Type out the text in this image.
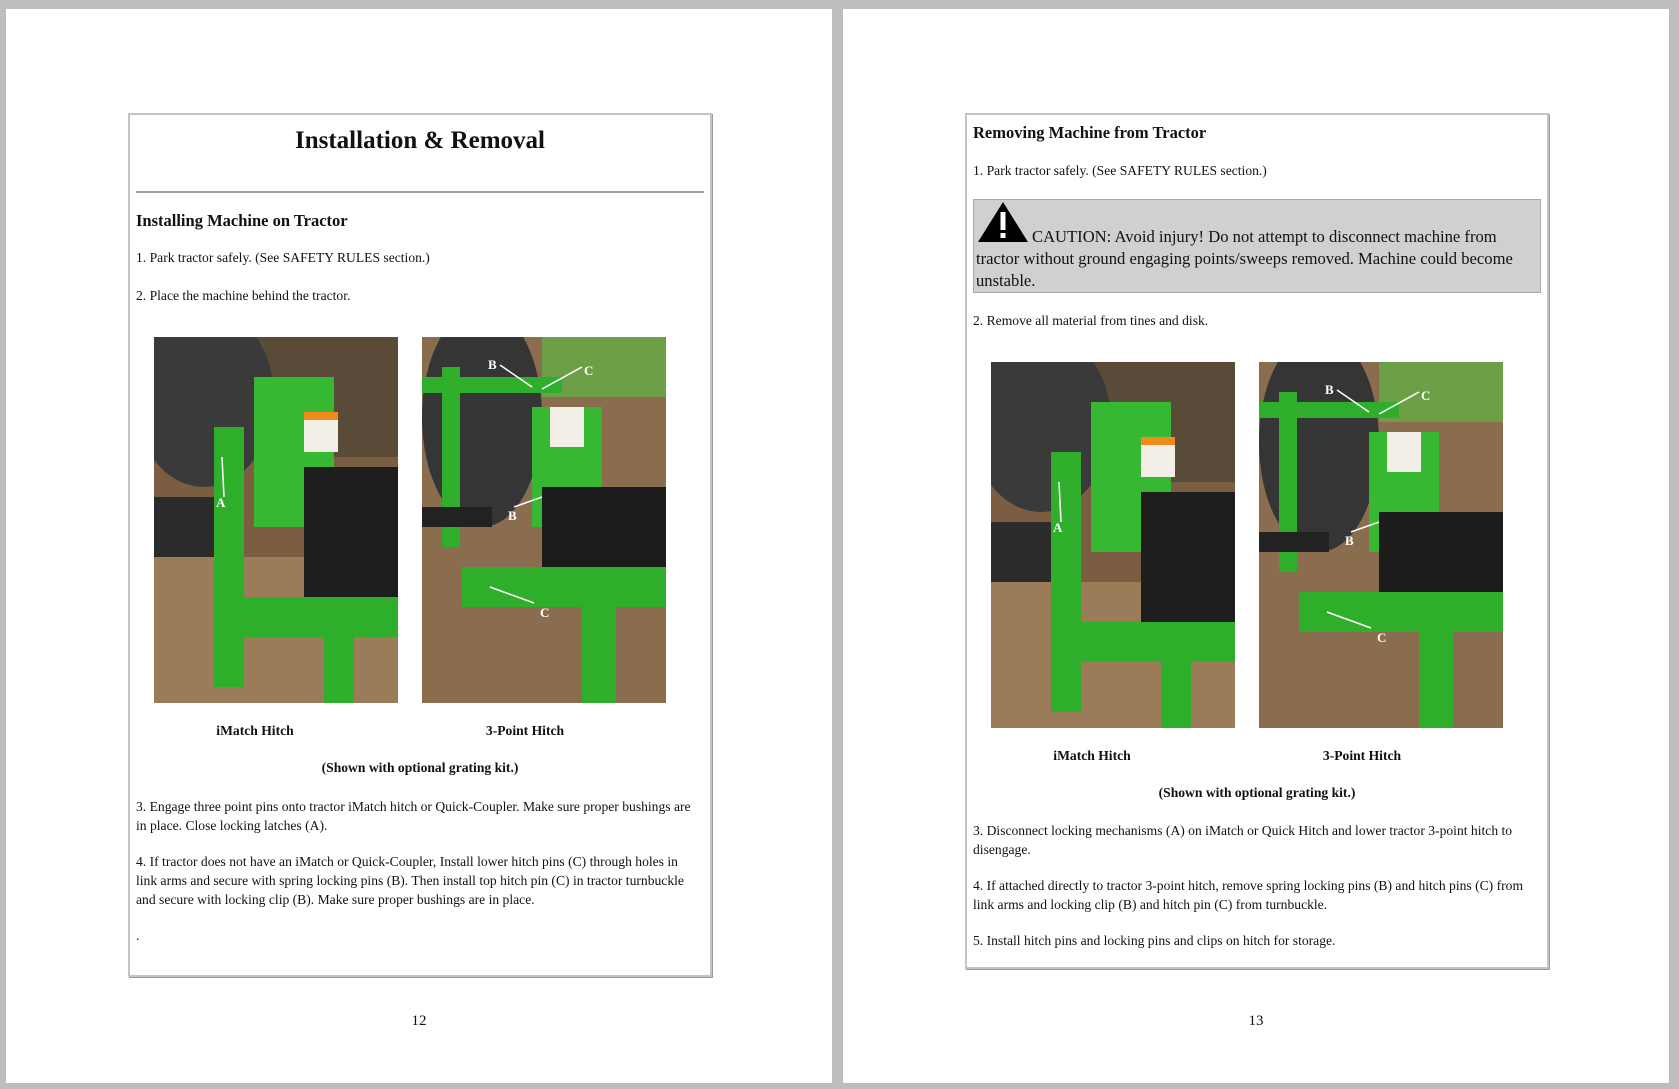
Installation & Removal
Installing Machine on Tractor
1. Park tractor safely. (See SAFETY RULES section.)
2. Place the machine behind the tractor.
A
B	C
B
C
iMatch Hitch	3-Point Hitch
(Shown with optional grating kit.)
3. Engage three point pins onto tractor iMatch hitch or Quick-Coupler. Make sure proper bushings are in place. Close locking latches (A).
4. If tractor does not have an iMatch or Quick-Coupler, Install lower hitch pins (C) through holes in link arms and secure with spring locking pins (B). Then install top hitch pin (C) in tractor turnbuckle and secure with locking clip (B). Make sure proper bushings are in place.
.
12
Removing Machine from Tractor
1. Park tractor safely. (See SAFETY RULES section.)
CAUTION: Avoid injury! Do not attempt to disconnect machine from tractor without ground engaging points/sweeps removed. Machine could become unstable.
2. Remove all material from tines and disk.
A
B	C
B
C
iMatch Hitch	3-Point Hitch
(Shown with optional grating kit.)
3. Disconnect locking mechanisms (A) on iMatch or Quick Hitch and lower tractor 3-point hitch to disengage.
4. If attached directly to tractor 3-point hitch, remove spring locking pins (B) and hitch pins (C) from link arms and locking clip (B) and hitch pin (C) from turnbuckle.
5. Install hitch pins and locking pins and clips on hitch for storage.
13
